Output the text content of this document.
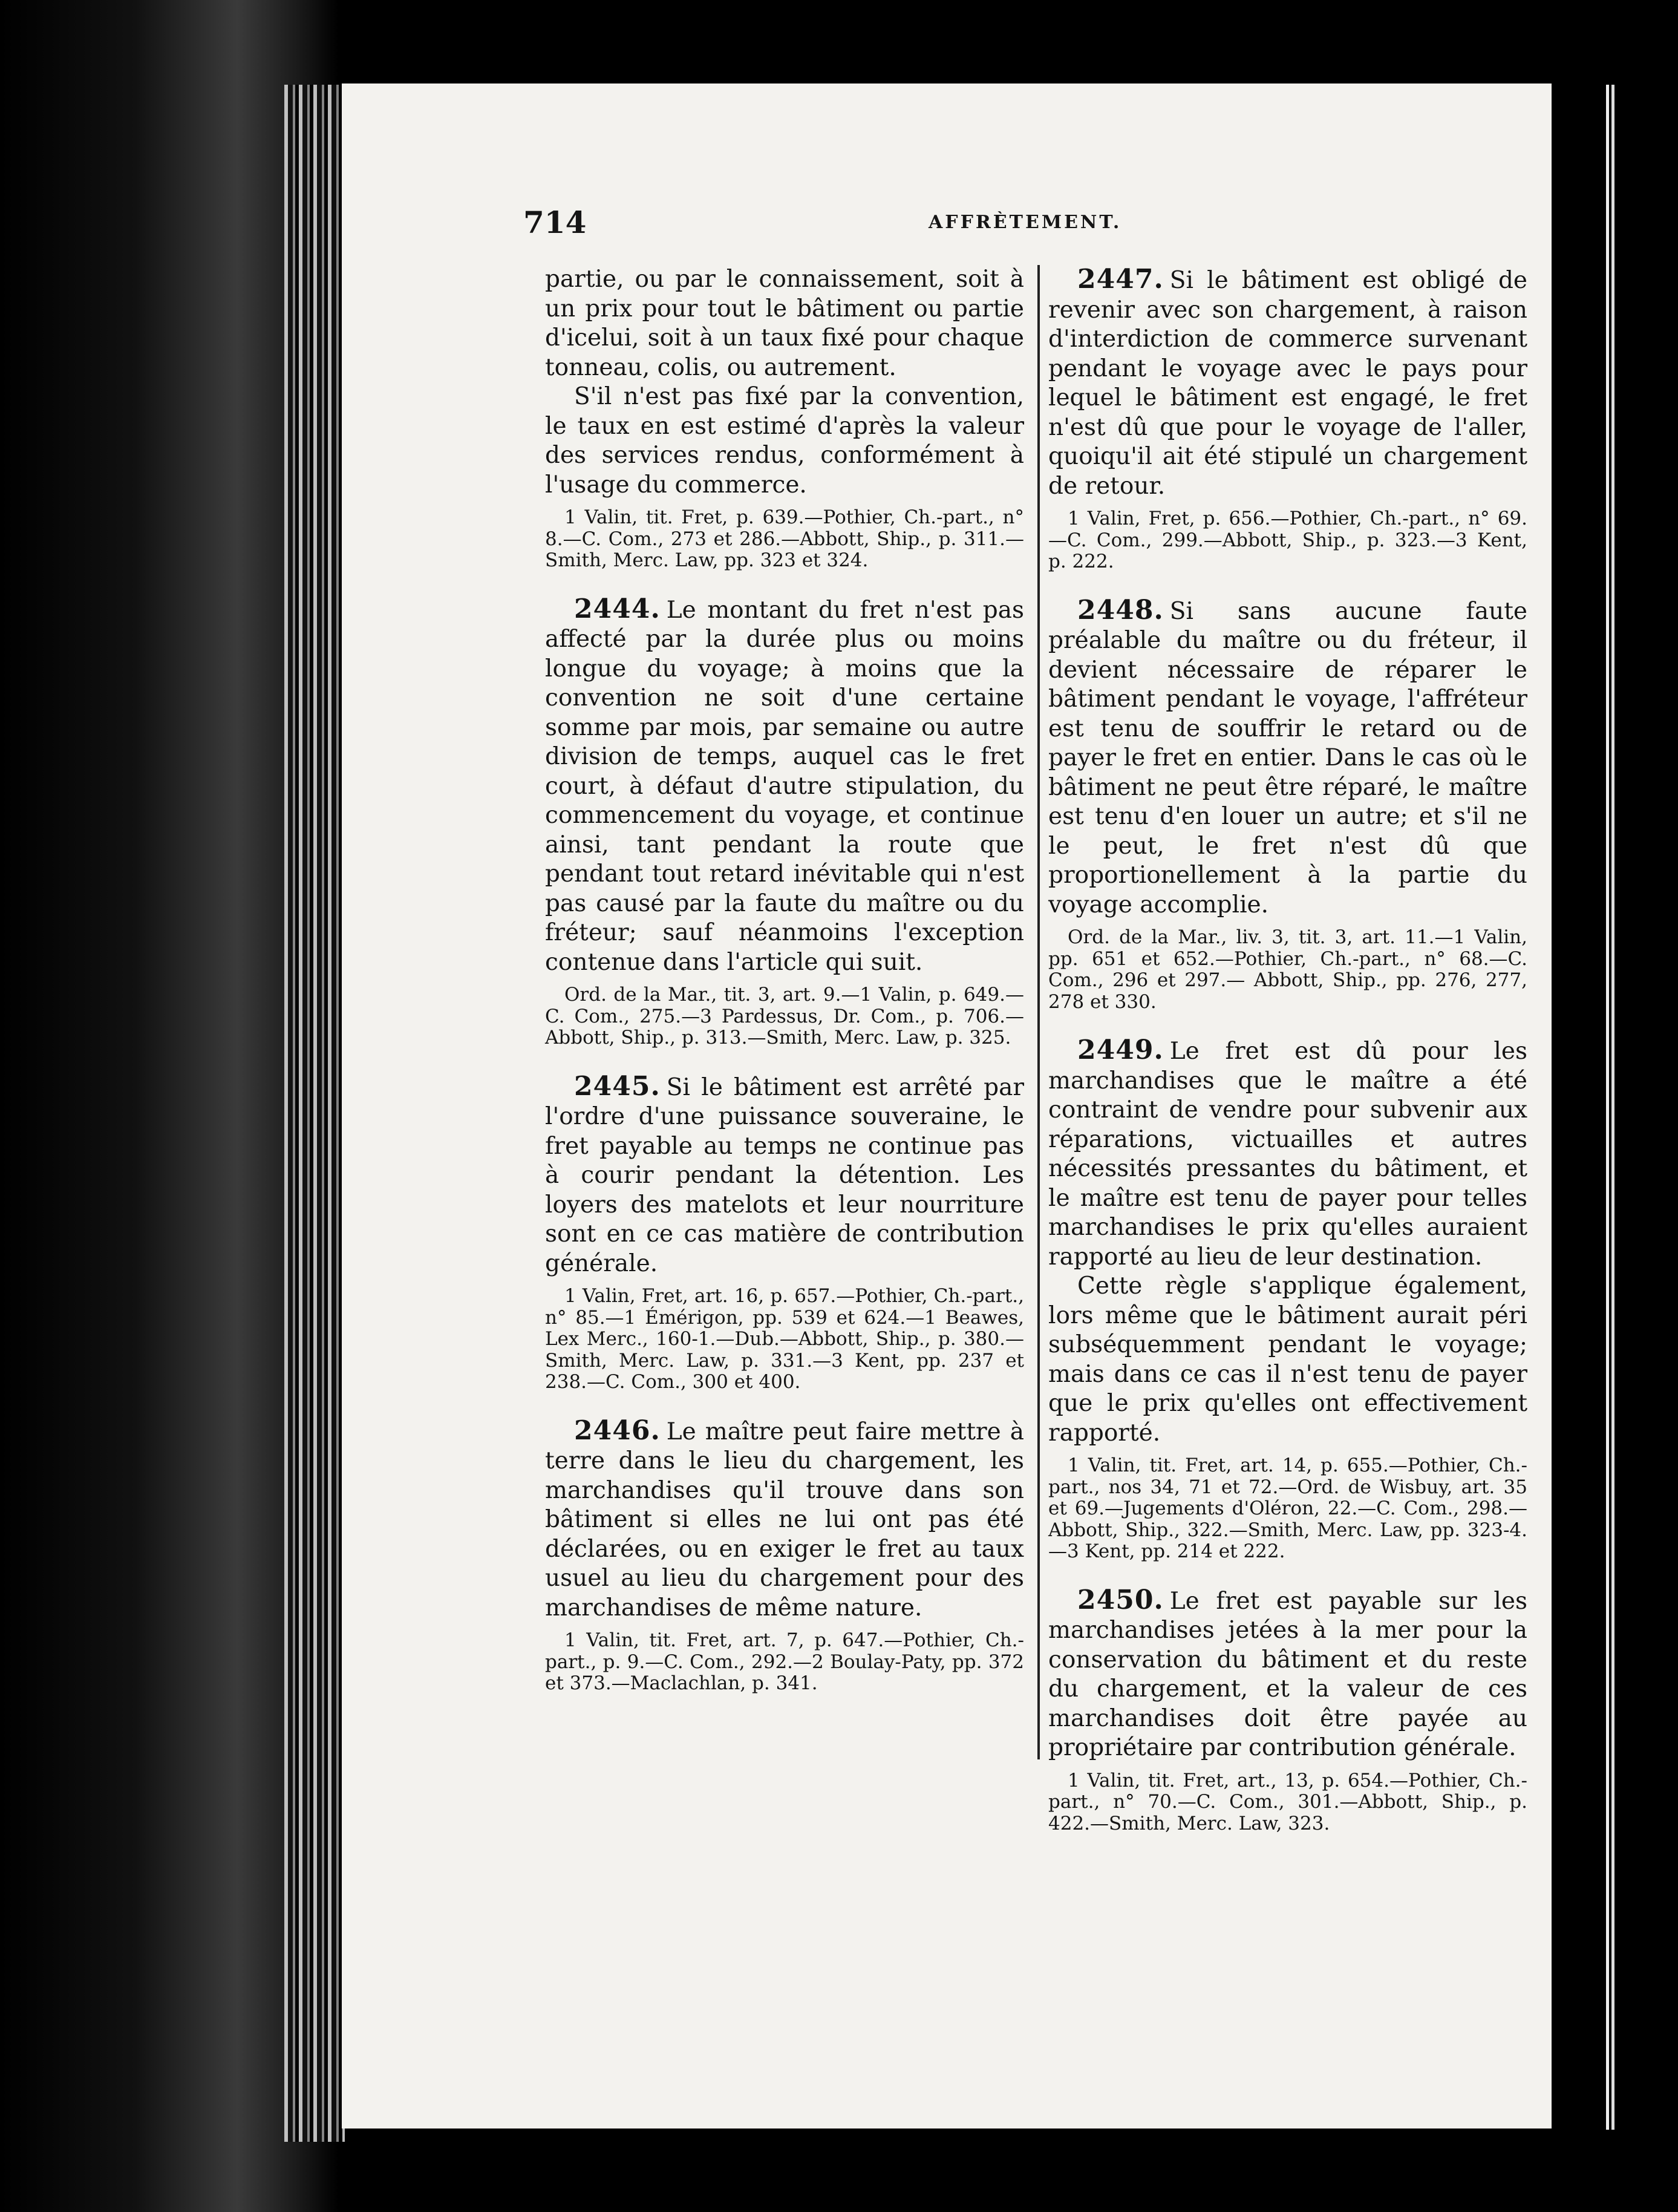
714	AFFRÈTEMENT.

partie, ou par le connaissement, soit à un prix pour tout le bâtiment ou partie d'icelui, soit à un taux fixé pour chaque tonneau, colis, ou autrement.

S'il n'est pas fixé par la convention, le taux en est estimé d'après la valeur des services rendus, conformément à l'usage du commerce.

1 Valin, tit. Fret, p. 639.—Pothier, Ch.-part., n° 8.—C. Com., 273 et 286.—Abbott, Ship., p. 311.—Smith, Merc. Law, pp. 323 et 324.

2444. Le montant du fret n'est pas affecté par la durée plus ou moins longue du voyage; à moins que la convention ne soit d'une certaine somme par mois, par semaine ou autre division de temps, auquel cas le fret court, à défaut d'autre stipulation, du commencement du voyage, et continue ainsi, tant pendant la route que pendant tout retard inévitable qui n'est pas causé par la faute du maître ou du fréteur; sauf néanmoins l'exception contenue dans l'article qui suit.

Ord. de la Mar., tit. 3, art. 9.—1 Valin, p. 649.—C. Com., 275.—3 Pardessus, Dr. Com., p. 706.—Abbott, Ship., p. 313.—Smith, Merc. Law, p. 325.

2445. Si le bâtiment est arrêté par l'ordre d'une puissance souveraine, le fret payable au temps ne continue pas à courir pendant la détention. Les loyers des matelots et leur nourriture sont en ce cas matière de contribution générale.

1 Valin, Fret, art. 16, p. 657.—Pothier, Ch.-part., n° 85.—1 Émérigon, pp. 539 et 624.—1 Beawes, Lex Merc., 160-1.—Dub.—Abbott, Ship., p. 380.—Smith, Merc. Law, p. 331.—3 Kent, pp. 237 et 238.—C. Com., 300 et 400.

2446. Le maître peut faire mettre à terre dans le lieu du chargement, les marchandises qu'il trouve dans son bâtiment si elles ne lui ont pas été déclarées, ou en exiger le fret au taux usuel au lieu du chargement pour des marchandises de même nature.

1 Valin, tit. Fret, art. 7, p. 647.—Pothier, Ch.-part., p. 9.—C. Com., 292.—2 Boulay-Paty, pp. 372 et 373.—Maclachlan, p. 341.

2447. Si le bâtiment est obligé de revenir avec son chargement, à raison d'interdiction de commerce survenant pendant le voyage avec le pays pour lequel le bâtiment est engagé, le fret n'est dû que pour le voyage de l'aller, quoiqu'il ait été stipulé un chargement de retour.

1 Valin, Fret, p. 656.—Pothier, Ch.-part., n° 69.—C. Com., 299.—Abbott, Ship., p. 323.—3 Kent, p. 222.

2448. Si sans aucune faute préalable du maître ou du fréteur, il devient nécessaire de réparer le bâtiment pendant le voyage, l'affréteur est tenu de souffrir le retard ou de payer le fret en entier. Dans le cas où le bâtiment ne peut être réparé, le maître est tenu d'en louer un autre; et s'il ne le peut, le fret n'est dû que proportionellement à la partie du voyage accomplie.

Ord. de la Mar., liv. 3, tit. 3, art. 11.—1 Valin, pp. 651 et 652.—Pothier, Ch.-part., n° 68.—C. Com., 296 et 297.— Abbott, Ship., pp. 276, 277, 278 et 330.

2449. Le fret est dû pour les marchandises que le maître a été contraint de vendre pour subvenir aux réparations, victuailles et autres nécessités pressantes du bâtiment, et le maître est tenu de payer pour telles marchandises le prix qu'elles auraient rapporté au lieu de leur destination.

Cette règle s'applique également, lors même que le bâtiment aurait péri subséquemment pendant le voyage; mais dans ce cas il n'est tenu de payer que le prix qu'elles ont effectivement rapporté.

1 Valin, tit. Fret, art. 14, p. 655.—Pothier, Ch.-part., nos 34, 71 et 72.—Ord. de Wisbuy, art. 35 et 69.—Jugements d'Oléron, 22.—C. Com., 298.—Abbott, Ship., 322.—Smith, Merc. Law, pp. 323-4.—3 Kent, pp. 214 et 222.

2450. Le fret est payable sur les marchandises jetées à la mer pour la conservation du bâtiment et du reste du chargement, et la valeur de ces marchandises doit être payée au propriétaire par contribution générale.

1 Valin, tit. Fret, art., 13, p. 654.—Pothier, Ch.-part., n° 70.—C. Com., 301.—Abbott, Ship., p. 422.—Smith, Merc. Law, 323.
